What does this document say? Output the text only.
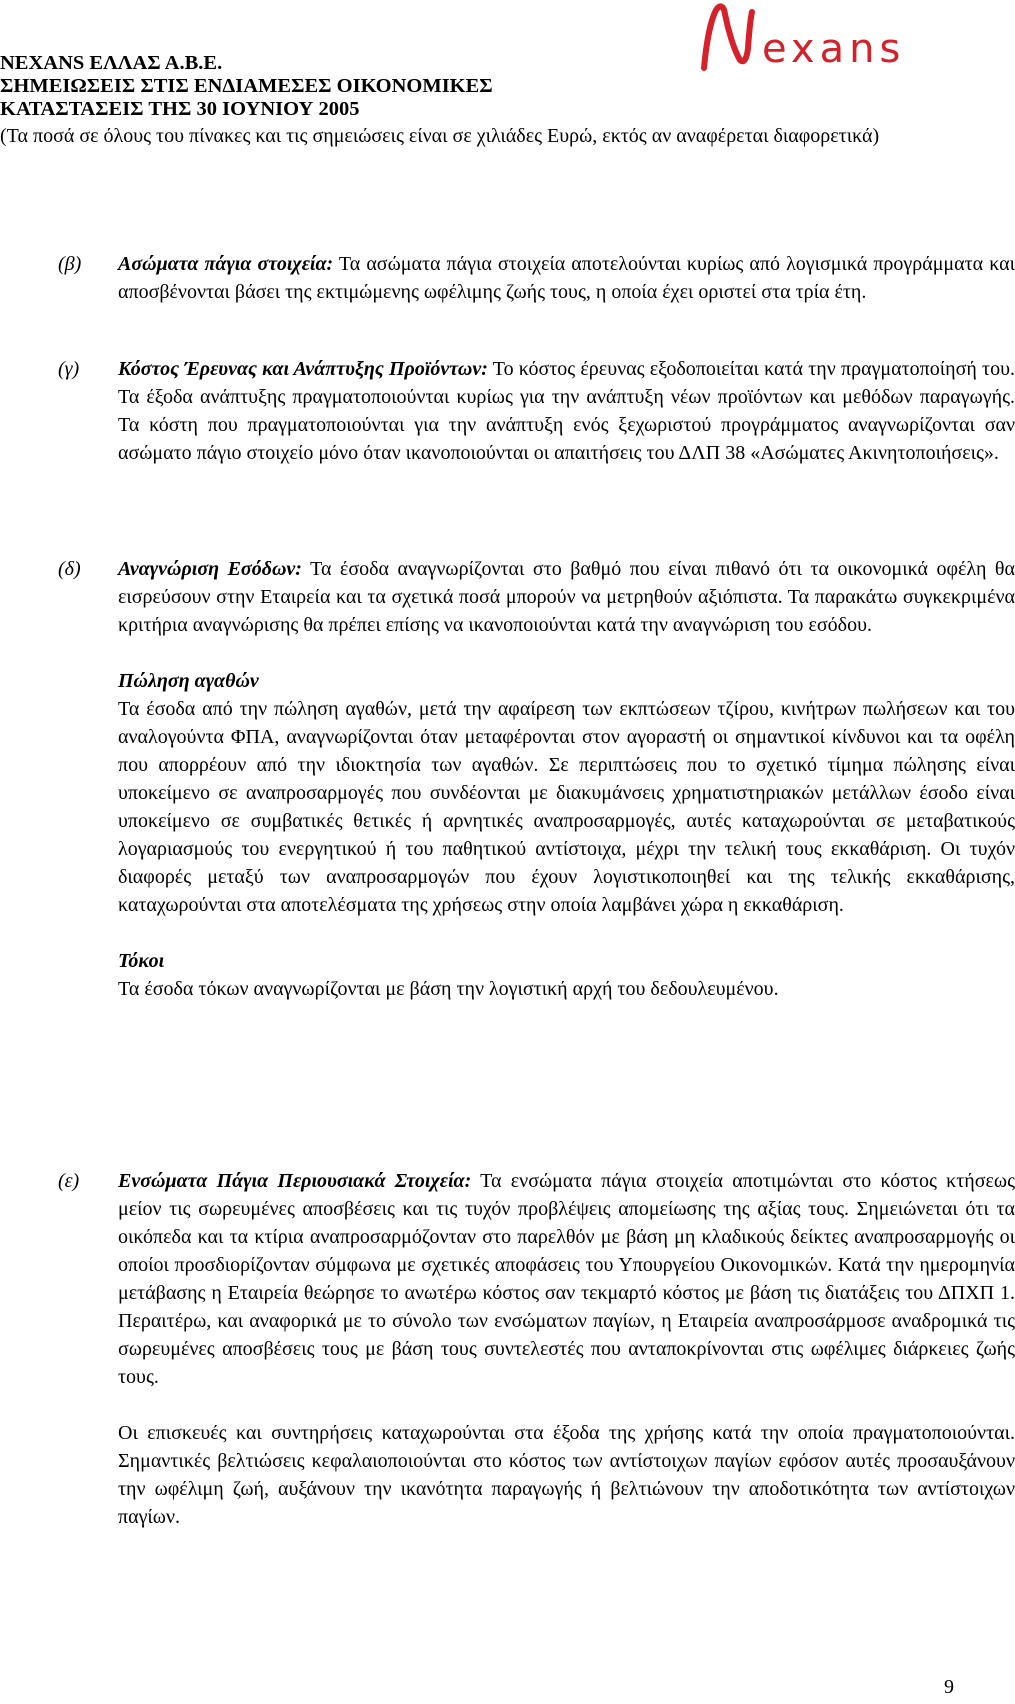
NEXANS ΕΛΛΑΣ Α.Β.Ε.
ΣΗΜΕΙΩΣΕΙΣ ΣΤΙΣ ΕΝΔΙΑΜΕΣΕΣ ΟΙΚΟΝΟΜΙΚΕΣ
ΚΑΤΑΣΤΑΣΕΙΣ ΤΗΣ 30 ΙΟΥΝΙΟΥ 2005
(Τα ποσά σε όλους του πίνακες και τις σημειώσεις είναι σε χιλιάδες Ευρώ, εκτός αν αναφέρεται διαφορετικά)
exans
(β) Ασώματα πάγια στοιχεία: Τα ασώματα πάγια στοιχεία αποτελούνται κυρίως από λογισμικά προγράμματα και αποσβένονται βάσει της εκτιμώμενης ωφέλιμης ζωής τους, η οποία έχει οριστεί στα τρία έτη.

(γ) Κόστος Έρευνας και Ανάπτυξης Προϊόντων: Το κόστος έρευνας εξοδοποιείται κατά την πραγματοποίησή του. Τα έξοδα ανάπτυξης πραγματοποιούνται κυρίως για την ανάπτυξη νέων προϊόντων και μεθόδων παραγωγής. Τα κόστη που πραγματοποιούνται για την ανάπτυξη ενός ξεχωριστού προγράμματος αναγνωρίζονται σαν ασώματο πάγιο στοιχείο μόνο όταν ικανοποιούνται οι απαιτήσεις του ΔΛΠ 38 «Ασώματες Ακινητοποιήσεις».

(δ) Αναγνώριση Εσόδων: Τα έσοδα αναγνωρίζονται στο βαθμό που είναι πιθανό ότι τα οικονομικά οφέλη θα εισρεύσουν στην Εταιρεία και τα σχετικά ποσά μπορούν να μετρηθούν αξιόπιστα. Τα παρακάτω συγκεκριμένα κριτήρια αναγνώρισης θα πρέπει επίσης να ικανοποιούνται κατά την αναγνώριση του εσόδου.

Πώληση αγαθών
Τα έσοδα από την πώληση αγαθών, μετά την αφαίρεση των εκπτώσεων τζίρου, κινήτρων πωλήσεων και του αναλογούντα ΦΠΑ, αναγνωρίζονται όταν μεταφέρονται στον αγοραστή οι σημαντικοί κίνδυνοι και τα οφέλη που απορρέουν από την ιδιοκτησία των αγαθών. Σε περιπτώσεις που το σχετικό τίμημα πώλησης είναι υποκείμενο σε αναπροσαρμογές που συνδέονται με διακυμάνσεις χρηματιστηριακών μετάλλων έσοδο είναι υποκείμενο σε συμβατικές θετικές ή αρνητικές αναπροσαρμογές, αυτές καταχωρούνται σε μεταβατικούς λογαριασμούς του ενεργητικού ή του παθητικού αντίστοιχα, μέχρι την τελική τους εκκαθάριση. Οι τυχόν διαφορές μεταξύ των αναπροσαρμογών που έχουν λογιστικοποιηθεί και της τελικής εκκαθάρισης, καταχωρούνται στα αποτελέσματα της χρήσεως στην οποία λαμβάνει χώρα η εκκαθάριση.

Τόκοι
Τα έσοδα τόκων αναγνωρίζονται με βάση την λογιστική αρχή του δεδουλευμένου.

(ε) Ενσώματα Πάγια Περιουσιακά Στοιχεία: Τα ενσώματα πάγια στοιχεία αποτιμώνται στο κόστος κτήσεως μείον τις σωρευμένες αποσβέσεις και τις τυχόν προβλέψεις απομείωσης της αξίας τους. Σημειώνεται ότι τα οικόπεδα και τα κτίρια αναπροσαρμόζονταν στο παρελθόν με βάση μη κλαδικούς δείκτες αναπροσαρμογής οι οποίοι προσδιορίζονταν σύμφωνα με σχετικές αποφάσεις του Υπουργείου Οικονομικών. Κατά την ημερομηνία μετάβασης η Εταιρεία θεώρησε το ανωτέρω κόστος σαν τεκμαρτό κόστος με βάση τις διατάξεις του ΔΠΧΠ 1. Περαιτέρω, και αναφορικά με το σύνολο των ενσώματων παγίων, η Εταιρεία αναπροσάρμοσε αναδρομικά τις σωρευμένες αποσβέσεις τους με βάση τους συντελεστές που ανταποκρίνονται στις ωφέλιμες διάρκειες ζωής τους.

Οι επισκευές και συντηρήσεις καταχωρούνται στα έξοδα της χρήσης κατά την οποία πραγματοποιούνται. Σημαντικές βελτιώσεις κεφαλαιοποιούνται στο κόστος των αντίστοιχων παγίων εφόσον αυτές προσαυξάνουν την ωφέλιμη ζωή, αυξάνουν την ικανότητα παραγωγής ή βελτιώνουν την αποδοτικότητα των αντίστοιχων παγίων.

9
